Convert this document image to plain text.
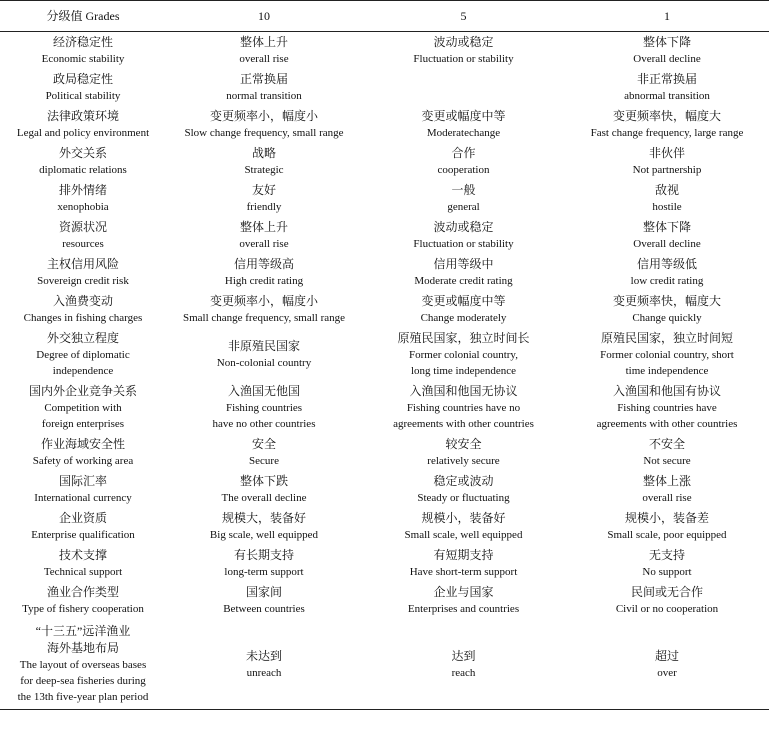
分级值 Grades	10	5	1

经济稳定性
Economic stability	整体上升
overall rise	波动或稳定
Fluctuation or stability	整体下降
Overall decline

政局稳定性
Political stability	正常换届
normal transition		非正常换届
abnormal transition

法律政策环境
Legal and policy environment	变更频率小，幅度小
Slow change frequency, small range	变更或幅度中等
Moderatechange	变更频率快，幅度大
Fast change frequency, large range

外交关系
diplomatic relations	战略
Strategic	合作
cooperation	非伙伴
Not partnership

排外情绪
xenophobia	友好
friendly	一般
general	敌视
hostile

资源状况
resources	整体上升
overall rise	波动或稳定
Fluctuation or stability	整体下降
Overall decline

主权信用风险
Sovereign credit risk	信用等级高
High credit rating	信用等级中
Moderate credit rating	信用等级低
low credit rating

入渔费变动
Changes in fishing charges	变更频率小，幅度小
Small change frequency, small range	变更或幅度中等
Change moderately	变更频率快，幅度大
Change quickly

外交独立程度
Degree of diplomatic
independence	非原殖民国家
Non-colonial country	原殖民国家，独立时间长
Former colonial country,
long time independence	原殖民国家，独立时间短
Former colonial country, short
time independence

国内外企业竞争关系
Competition with
foreign enterprises	入渔国无他国
Fishing countries
have no other countries	入渔国和他国无协议
Fishing countries have no
agreements with other countries	入渔国和他国有协议
Fishing countries have
agreements with other countries

作业海域安全性
Safety of working area	安全
Secure	较安全
relatively secure	不安全
Not secure

国际汇率
International currency	整体下跌
The overall decline	稳定或波动
Steady or fluctuating	整体上涨
overall rise

企业资质
Enterprise qualification	规模大，装备好
Big scale, well equipped	规模小，装备好
Small scale, well equipped	规模小，装备差
Small scale, poor equipped

技术支撑
Technical support	有长期支持
long-term support	有短期支持
Have short-term support	无支持
No support

渔业合作类型
Type of fishery cooperation	国家间
Between countries	企业与国家
Enterprises and countries	民间或无合作
Civil or no cooperation

“十三五”远洋渔业
海外基地布局
The layout of overseas bases
for deep-sea fisheries during
the 13th five-year plan period	未达到
unreach	达到
reach	超过
over
